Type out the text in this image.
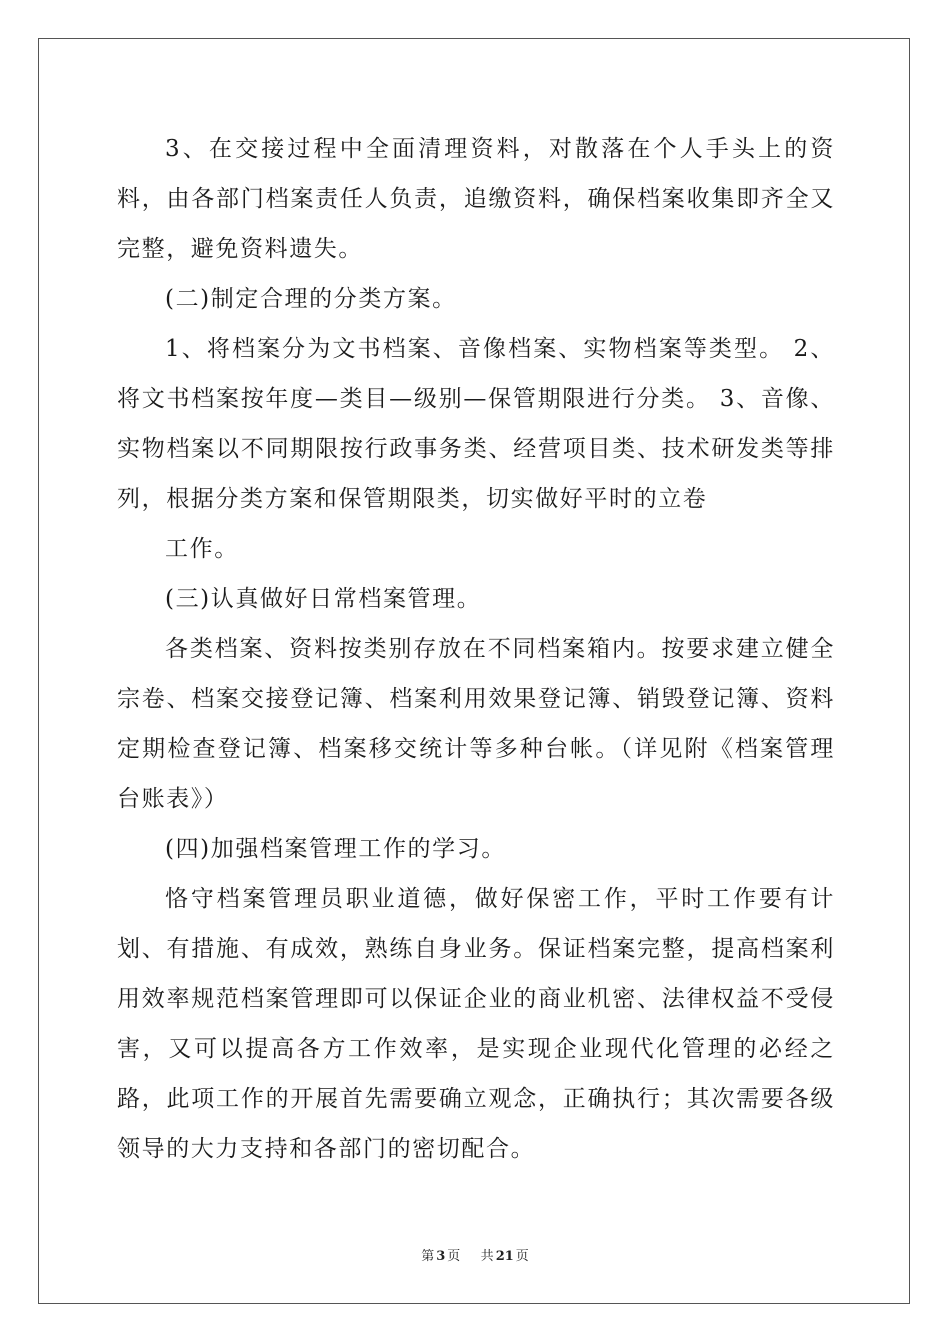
3、在交接过程中全面清理资料，对散落在个人手头上的资料，由各部门档案责任人负责，追缴资料，确保档案收集即齐全又完整，避免资料遗失。

(二)制定合理的分类方案。

1、将档案分为文书档案、音像档案、实物档案等类型。 2、将文书档案按年度—类目—级别—保管期限进行分类。 3、音像、实物档案以不同期限按行政事务类、经营项目类、技术研发类等排列，根据分类方案和保管期限类，切实做好平时的立卷

工作。

(三)认真做好日常档案管理。

各类档案、资料按类别存放在不同档案箱内。按要求建立健全宗卷、档案交接登记簿、档案利用效果登记簿、销毁登记簿、资料定期检查登记簿、档案移交统计等多种台帐。（详见附《档案管理台账表》）

(四)加强档案管理工作的学习。

恪守档案管理员职业道德，做好保密工作，平时工作要有计划、有措施、有成效，熟练自身业务。保证档案完整，提高档案利用效率规范档案管理即可以保证企业的商业机密、法律权益不受侵害，又可以提高各方工作效率，是实现企业现代化管理的必经之路，此项工作的开展首先需要确立观念，正确执行；其次需要各级领导的大力支持和各部门的密切配合。

第 3 页 共 21 页
